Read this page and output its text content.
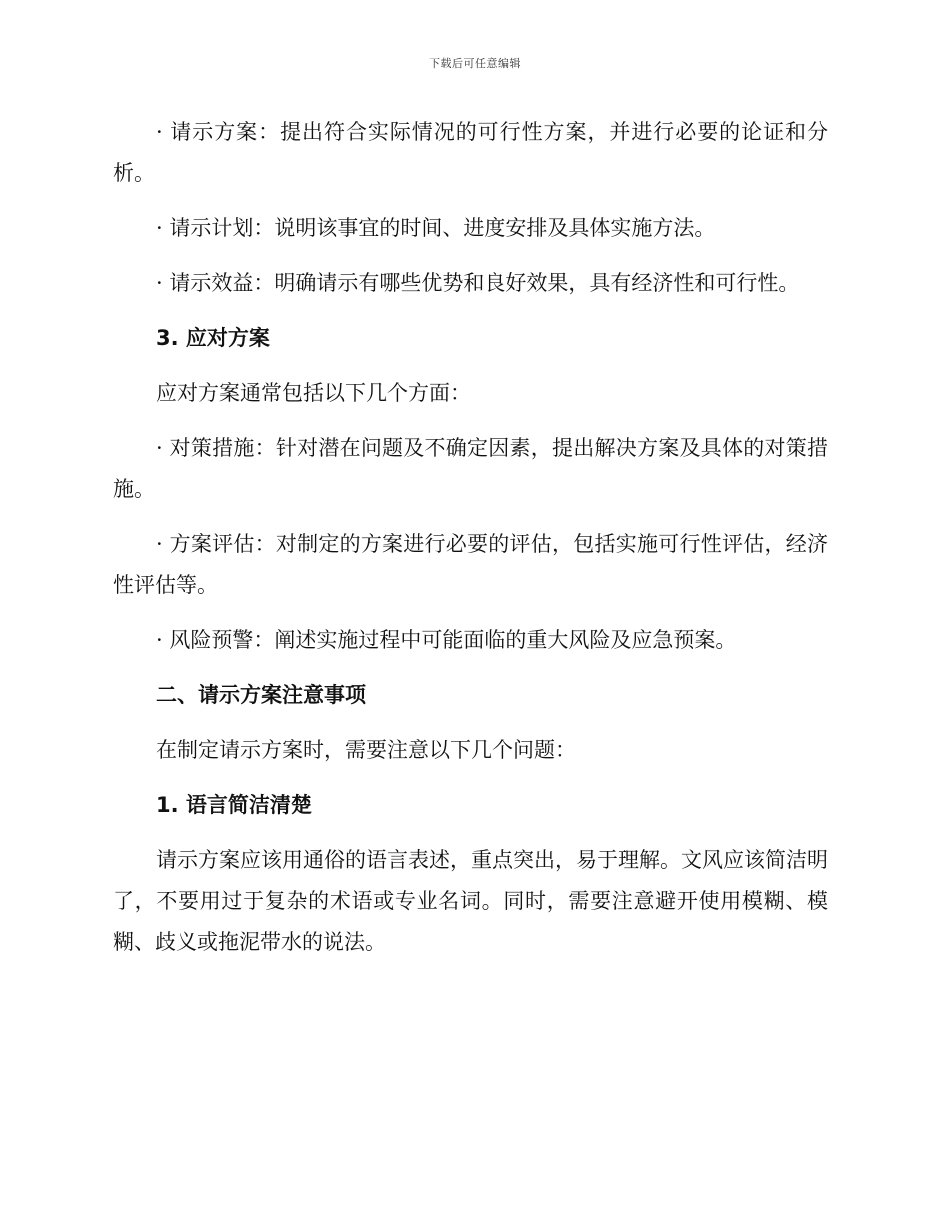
下载后可任意编辑

· 请示方案：提出符合实际情况的可行性方案，并进行必要的论证和分析。

· 请示计划：说明该事宜的时间、进度安排及具体实施方法。

· 请示效益：明确请示有哪些优势和良好效果，具有经济性和可行性。

3. 应对方案

应对方案通常包括以下几个方面：

· 对策措施：针对潜在问题及不确定因素，提出解决方案及具体的对策措施。

· 方案评估：对制定的方案进行必要的评估，包括实施可行性评估，经济性评估等。

· 风险预警：阐述实施过程中可能面临的重大风险及应急预案。

二、请示方案注意事项

在制定请示方案时，需要注意以下几个问题：

1. 语言简洁清楚

请示方案应该用通俗的语言表述，重点突出，易于理解。文风应该简洁明了，不要用过于复杂的术语或专业名词。同时，需要注意避开使用模糊、模糊、歧义或拖泥带水的说法。
